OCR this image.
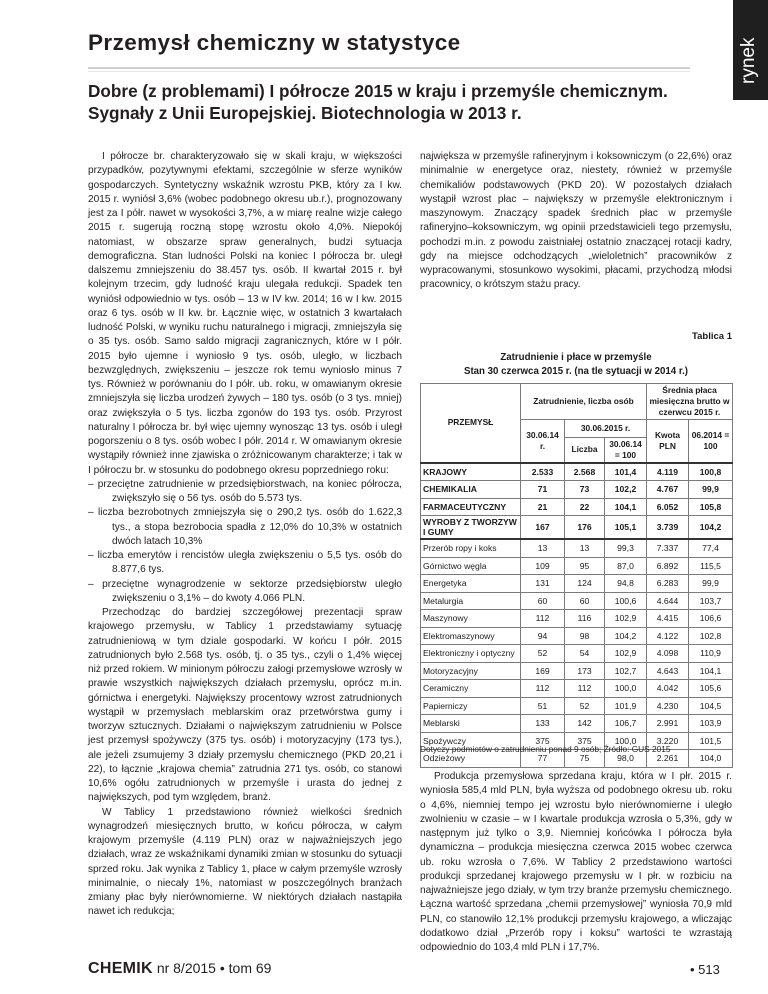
rynek
Przemysł chemiczny w statystyce
Dobre (z problemami) I półrocze 2015 w kraju i przemyśle chemicznym. Sygnały z Unii Europejskiej. Biotechnologia w 2013 r.

I półrocze br. charakteryzowało się w skali kraju, w większości przypadków, pozytywnymi efektami, szczególnie w sferze wyników gospodarczych. Syntetyczny wskaźnik wzrostu PKB, który za I kw. 2015 r. wyniósł 3,6% (wobec podobnego okresu ub.r.), prognozowany jest za I półr. nawet w wysokości 3,7%, a w miarę realne wizje całego 2015 r. sugerują roczną stopę wzrostu około 4,0%. Niepokój natomiast, w obszarze spraw generalnych, budzi sytuacja demograficzna. Stan ludności Polski na koniec I półrocza br. uległ dalszemu zmniejszeniu do 38.457 tys. osób. II kwartał 2015 r. był kolejnym trzecim, gdy ludność kraju ulegała redukcji. Spadek ten wyniósł odpowiednio w tys. osób – 13 w IV kw. 2014; 16 w I kw. 2015 oraz 6 tys. osób w II kw. br. Łącznie więc, w ostatnich 3 kwartałach ludność Polski, w wyniku ruchu naturalnego i migracji, zmniejszyła się o 35 tys. osób. Samo saldo migracji zagranicznych, które w I półr. 2015 było ujemne i wyniosło 9 tys. osób, uległo, w liczbach bezwzględnych, zwiększeniu – jeszcze rok temu wyniosło minus 7 tys. Również w porównaniu do I półr. ub. roku, w omawianym okresie zmniejszyła się liczba urodzeń żywych – 180 tys. osób (o 3 tys. mniej) oraz zwiększyła o 5 tys. liczba zgonów do 193 tys. osób. Przyrost naturalny I półrocza br. był więc ujemny wynosząc 13 tys. osób i uległ pogorszeniu o 8 tys. osób wobec I półr. 2014 r. W omawianym okresie wystąpiły również inne zjawiska o zróżnicowanym charakterze; i tak w I półroczu br. w stosunku do podobnego okresu poprzedniego roku:

– przeciętne zatrudnienie w przedsiębiorstwach, na koniec półrocza, zwiększyło się o 56 tys. osób do 5.573 tys.

– liczba bezrobotnych zmniejszyła się o 290,2 tys. osób do 1.622,3 tys., a stopa bezrobocia spadła z 12,0% do 10,3% w ostatnich dwóch latach 10,3%

– liczba emerytów i rencistów uległa zwiększeniu o 5,5 tys. osób do 8.877,6 tys.

– przeciętne wynagrodzenie w sektorze przedsiębiorstw uległo zwiększeniu o 3,1% – do kwoty 4.066 PLN.

Przechodząc do bardziej szczegółowej prezentacji spraw krajowego przemysłu, w Tablicy 1 przedstawiamy sytuację zatrudnieniową w tym dziale gospodarki. W końcu I półr. 2015 zatrudnionych było 2.568 tys. osób, tj. o 35 tys., czyli o 1,4% więcej niż przed rokiem. W minionym półroczu załogi przemysłowe wzrosły w prawie wszystkich największych działach przemysłu, oprócz m.in. górnictwa i energetyki. Największy procentowy wzrost zatrudnionych wystąpił w przemysłach meblarskim oraz przetwórstwa gumy i tworzyw sztucznych. Działami o największym zatrudnieniu w Polsce jest przemysł spożywczy (375 tys. osób) i motoryzacyjny (173 tys.), ale jeżeli zsumujemy 3 działy przemysłu chemicznego (PKD 20,21 i 22), to łącznie „krajowa chemia” zatrudnia 271 tys. osób, co stanowi 10,6% ogółu zatrudnionych w przemyśle i urasta do jednej z największych, pod tym względem, branż.

W Tablicy 1 przedstawiono również wielkości średnich wynagrodzeń miesięcznych brutto, w końcu półrocza, w całym krajowym przemyśle (4.119 PLN) oraz w najważniejszych jego działach, wraz ze wskaźnikami dynamiki zmian w stosunku do sytuacji sprzed roku. Jak wynika z Tablicy 1, płace w całym przemyśle wzrosły minimalnie, o niecały 1%, natomiast w poszczególnych branżach zmiany płac były nierównomierne. W niektórych działach nastąpiła nawet ich redukcja;

największa w przemyśle rafineryjnym i koksowniczym (o 22,6%) oraz minimalnie w energetyce oraz, niestety, również w przemyśle chemikaliów podstawowych (PKD 20). W pozostałych działach wystąpił wzrost płac – największy w przemyśle elektronicznym i maszynowym. Znaczący spadek średnich płac w przemyśle rafineryjno–koksowniczym, wg opinii przedstawicieli tego przemysłu, pochodzi m.in. z powodu zaistniałej ostatnio znaczącej rotacji kadry, gdy na miejsce odchodzących „wieloletnich” pracowników z wypracowanymi, stosunkowo wysokimi, płacami, przychodzą młodsi pracownicy, o krótszym stażu pracy.

Tablica 1
Zatrudnienie i płace w przemyśle
Stan 30 czerwca 2015 r. (na tle sytuacji w 2014 r.)
PRZEMYSŁ	Zatrudnienie, liczba osób			Średnia płaca miesięczna brutto w czerwcu 2015 r.	
	30.06.14 r.	30.06.2015 r.		Kwota PLN	06.2014 = 100
		Liczba	30.06.14 = 100		
KRAJOWY	2.533	2.568	101,4	4.119	100,8
CHEMIKALIA	71	73	102,2	4.767	99,9
FARMACEUTYCZNY	21	22	104,1	6.052	105,8
WYROBY Z TWORZYW I GUMY	167	176	105,1	3.739	104,2
Przerób ropy i koks	13	13	99,3	7.337	77,4
Górnictwo węgla	109	95	87,0	6.892	115,5
Energetyka	131	124	94,8	6.283	99,9
Metalurgia	60	60	100,6	4.644	103,7
Maszynowy	112	116	102,9	4.415	106,6
Elektromaszynowy	94	98	104,2	4.122	102,8
Elektroniczny i optyczny	52	54	102,9	4.098	110,9
Motoryzacyjny	169	173	102,7	4.643	104,1
Ceramiczny	112	112	100,0	4.042	105,6
Papierniczy	51	52	101,9	4.230	104,5
Meblarski	133	142	106,7	2.991	103,9
Spożywczy	375	375	100,0	3.220	101,5
Odzieżowy	77	75	98,0	2.261	104,0
Dotyczy podmiotów o zatrudnieniu ponad 9 osób; Źródło: GUS 2015

Produkcja przemysłowa sprzedana kraju, która w I płr. 2015 r. wyniosła 585,4 mld PLN, była wyższa od podobnego okresu ub. roku o 4,6%, niemniej tempo jej wzrostu było nierównomierne i uległo zwolnieniu w czasie – w I kwartale produkcja wzrosła o 5,3%, gdy w następnym już tylko o 3,9. Niemniej końcówka I półrocza była dynamiczna – produkcja miesięczna czerwca 2015 wobec czerwca ub. roku wzrosła o 7,6%. W Tablicy 2 przedstawiono wartości produkcji sprzedanej krajowego przemysłu w I płr. w rozbiciu na najważniejsze jego działy, w tym trzy branże przemysłu chemicznego. Łączna wartość sprzedana „chemii przemysłowej” wyniosła 70,9 mld PLN, co stanowiło 12,1% produkcji przemysłu krajowego, a wliczając dodatkowo dział „Przerób ropy i koksu” wartości te wzrastają odpowiednio do 103,4 mld PLN i 17,7%.

CHEMIK nr 8/2015 • tom 69	• 513
